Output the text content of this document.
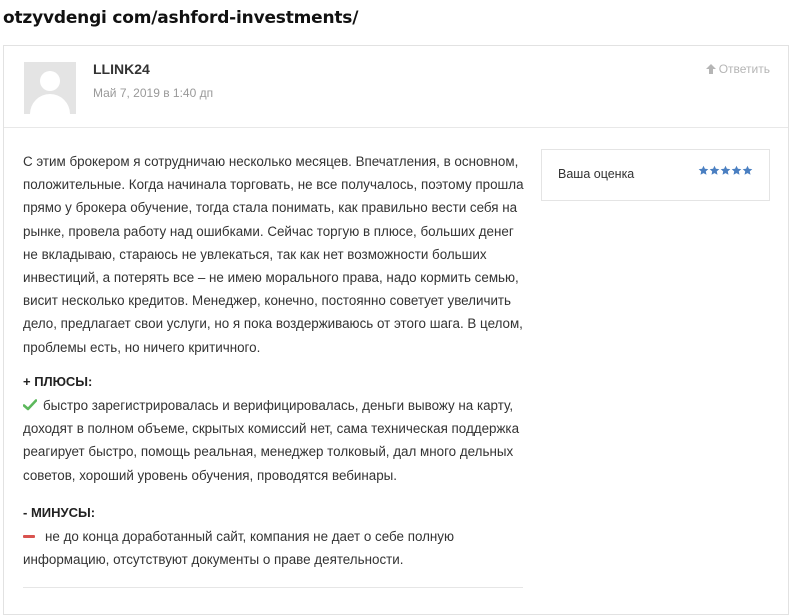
otzyvdengi com/ashford-investments/
LLINK24
Май 7, 2019 в 1:40 дп
Ответить

С этим брокером я сотрудничаю несколько месяцев. Впечатления, в основном, положительные. Когда начинала торговать, не все получалось, поэтому прошла прямо у брокера обучение, тогда стала понимать, как правильно вести себя на рынке, провела работу над ошибками. Сейчас торгую в плюсе, больших денег не вкладываю, стараюсь не увлекаться, так как нет возможности больших инвестиций, а потерять все – не имею морального права, надо кормить семью, висит несколько кредитов. Менеджер, конечно, постоянно советует увеличить дело, предлагает свои услуги, но я пока воздерживаюсь от этого шага. В целом, проблемы есть, но ничего критичного.

+ ПЛЮСЫ:

быстро зарегистрировалась и верифицировалась, деньги вывожу на карту, доходят в полном объеме, скрытых комиссий нет, сама техническая поддержка реагирует быстро, помощь реальная, менеджер толковый, дал много дельных советов, хороший уровень обучения, проводятся вебинары.

- МИНУСЫ:

не до конца доработанный сайт, компания не дает о себе полную информацию, отсутствуют документы о праве деятельности.

Ваша оценка
